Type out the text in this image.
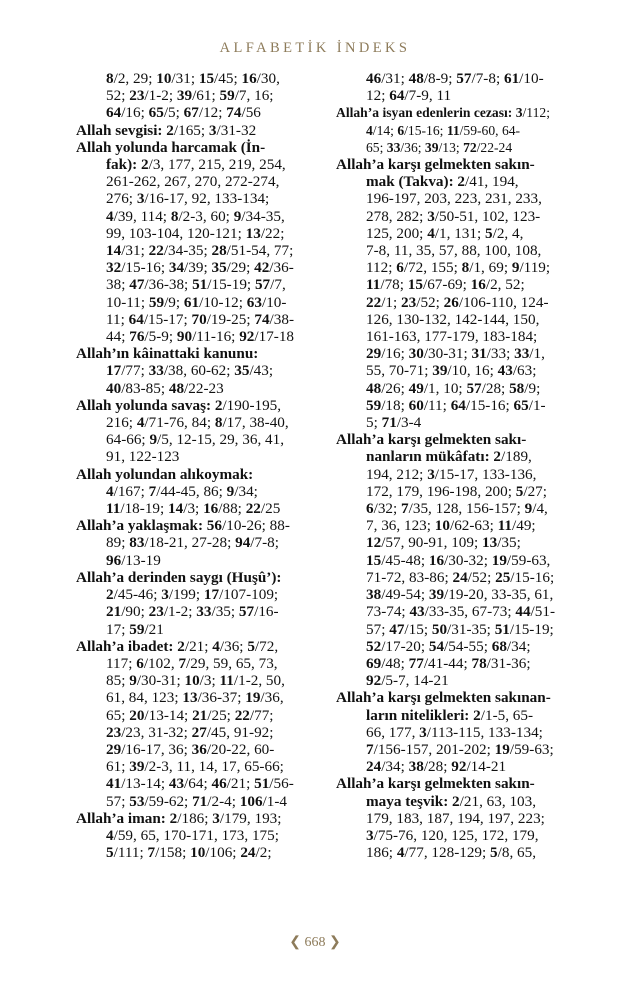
ALFABETİK İNDEKS
8/2, 29; 10/31; 15/45; 16/30,
52; 23/1-2; 39/61; 59/7, 16;
64/16; 65/5; 67/12; 74/56
Allah sevgisi: 2/165; 3/31-32
Allah yolunda harcamak (İn-
fak): 2/3, 177, 215, 219, 254,
261-262, 267, 270, 272-274,
276; 3/16-17, 92, 133-134;
4/39, 114; 8/2-3, 60; 9/34-35,
99, 103-104, 120-121; 13/22;
14/31; 22/34-35; 28/51-54, 77;
32/15-16; 34/39; 35/29; 42/36-
38; 47/36-38; 51/15-19; 57/7,
10-11; 59/9; 61/10-12; 63/10-
11; 64/15-17; 70/19-25; 74/38-
44; 76/5-9; 90/11-16; 92/17-18
Allah’ın kâinattaki kanunu:
17/77; 33/38, 60-62; 35/43;
40/83-85; 48/22-23
Allah yolunda savaş: 2/190-195,
216; 4/71-76, 84; 8/17, 38-40,
64-66; 9/5, 12-15, 29, 36, 41,
91, 122-123
Allah yolundan alıkoymak:
4/167; 7/44-45, 86; 9/34;
11/18-19; 14/3; 16/88; 22/25
Allah’a yaklaşmak: 56/10-26; 88-
89; 83/18-21, 27-28; 94/7-8;
96/13-19
Allah’a derinden saygı (Huşû’):
2/45-46; 3/199; 17/107-109;
21/90; 23/1-2; 33/35; 57/16-
17; 59/21
Allah’a ibadet: 2/21; 4/36; 5/72,
117; 6/102, 7/29, 59, 65, 73,
85; 9/30-31; 10/3; 11/1-2, 50,
61, 84, 123; 13/36-37; 19/36,
65; 20/13-14; 21/25; 22/77;
23/23, 31-32; 27/45, 91-92;
29/16-17, 36; 36/20-22, 60-
61; 39/2-3, 11, 14, 17, 65-66;
41/13-14; 43/64; 46/21; 51/56-
57; 53/59-62; 71/2-4; 106/1-4
Allah’a iman: 2/186; 3/179, 193;
4/59, 65, 170-171, 173, 175;
5/111; 7/158; 10/106; 24/2;
46/31; 48/8-9; 57/7-8; 61/10-
12; 64/7-9, 11
Allah’a isyan edenlerin cezası: 3/112;
4/14; 6/15-16; 11/59-60, 64-
65; 33/36; 39/13; 72/22-24
Allah’a karşı gelmekten sakın-
mak (Takva): 2/41, 194,
196-197, 203, 223, 231, 233,
278, 282; 3/50-51, 102, 123-
125, 200; 4/1, 131; 5/2, 4,
7-8, 11, 35, 57, 88, 100, 108,
112; 6/72, 155; 8/1, 69; 9/119;
11/78; 15/67-69; 16/2, 52;
22/1; 23/52; 26/106-110, 124-
126, 130-132, 142-144, 150,
161-163, 177-179, 183-184;
29/16; 30/30-31; 31/33; 33/1,
55, 70-71; 39/10, 16; 43/63;
48/26; 49/1, 10; 57/28; 58/9;
59/18; 60/11; 64/15-16; 65/1-
5; 71/3-4
Allah’a karşı gelmekten sakı-
nanların mükâfatı: 2/189,
194, 212; 3/15-17, 133-136,
172, 179, 196-198, 200; 5/27;
6/32; 7/35, 128, 156-157; 9/4,
7, 36, 123; 10/62-63; 11/49;
12/57, 90-91, 109; 13/35;
15/45-48; 16/30-32; 19/59-63,
71-72, 83-86; 24/52; 25/15-16;
38/49-54; 39/19-20, 33-35, 61,
73-74; 43/33-35, 67-73; 44/51-
57; 47/15; 50/31-35; 51/15-19;
52/17-20; 54/54-55; 68/34;
69/48; 77/41-44; 78/31-36;
92/5-7, 14-21
Allah’a karşı gelmekten sakınan-
ların nitelikleri: 2/1-5, 65-
66, 177, 3/113-115, 133-134;
7/156-157, 201-202; 19/59-63;
24/34; 38/28; 92/14-21
Allah’a karşı gelmekten sakın-
maya teşvik: 2/21, 63, 103,
179, 183, 187, 194, 197, 223;
3/75-76, 120, 125, 172, 179,
186; 4/77, 128-129; 5/8, 65,
❮ 668 ❯
